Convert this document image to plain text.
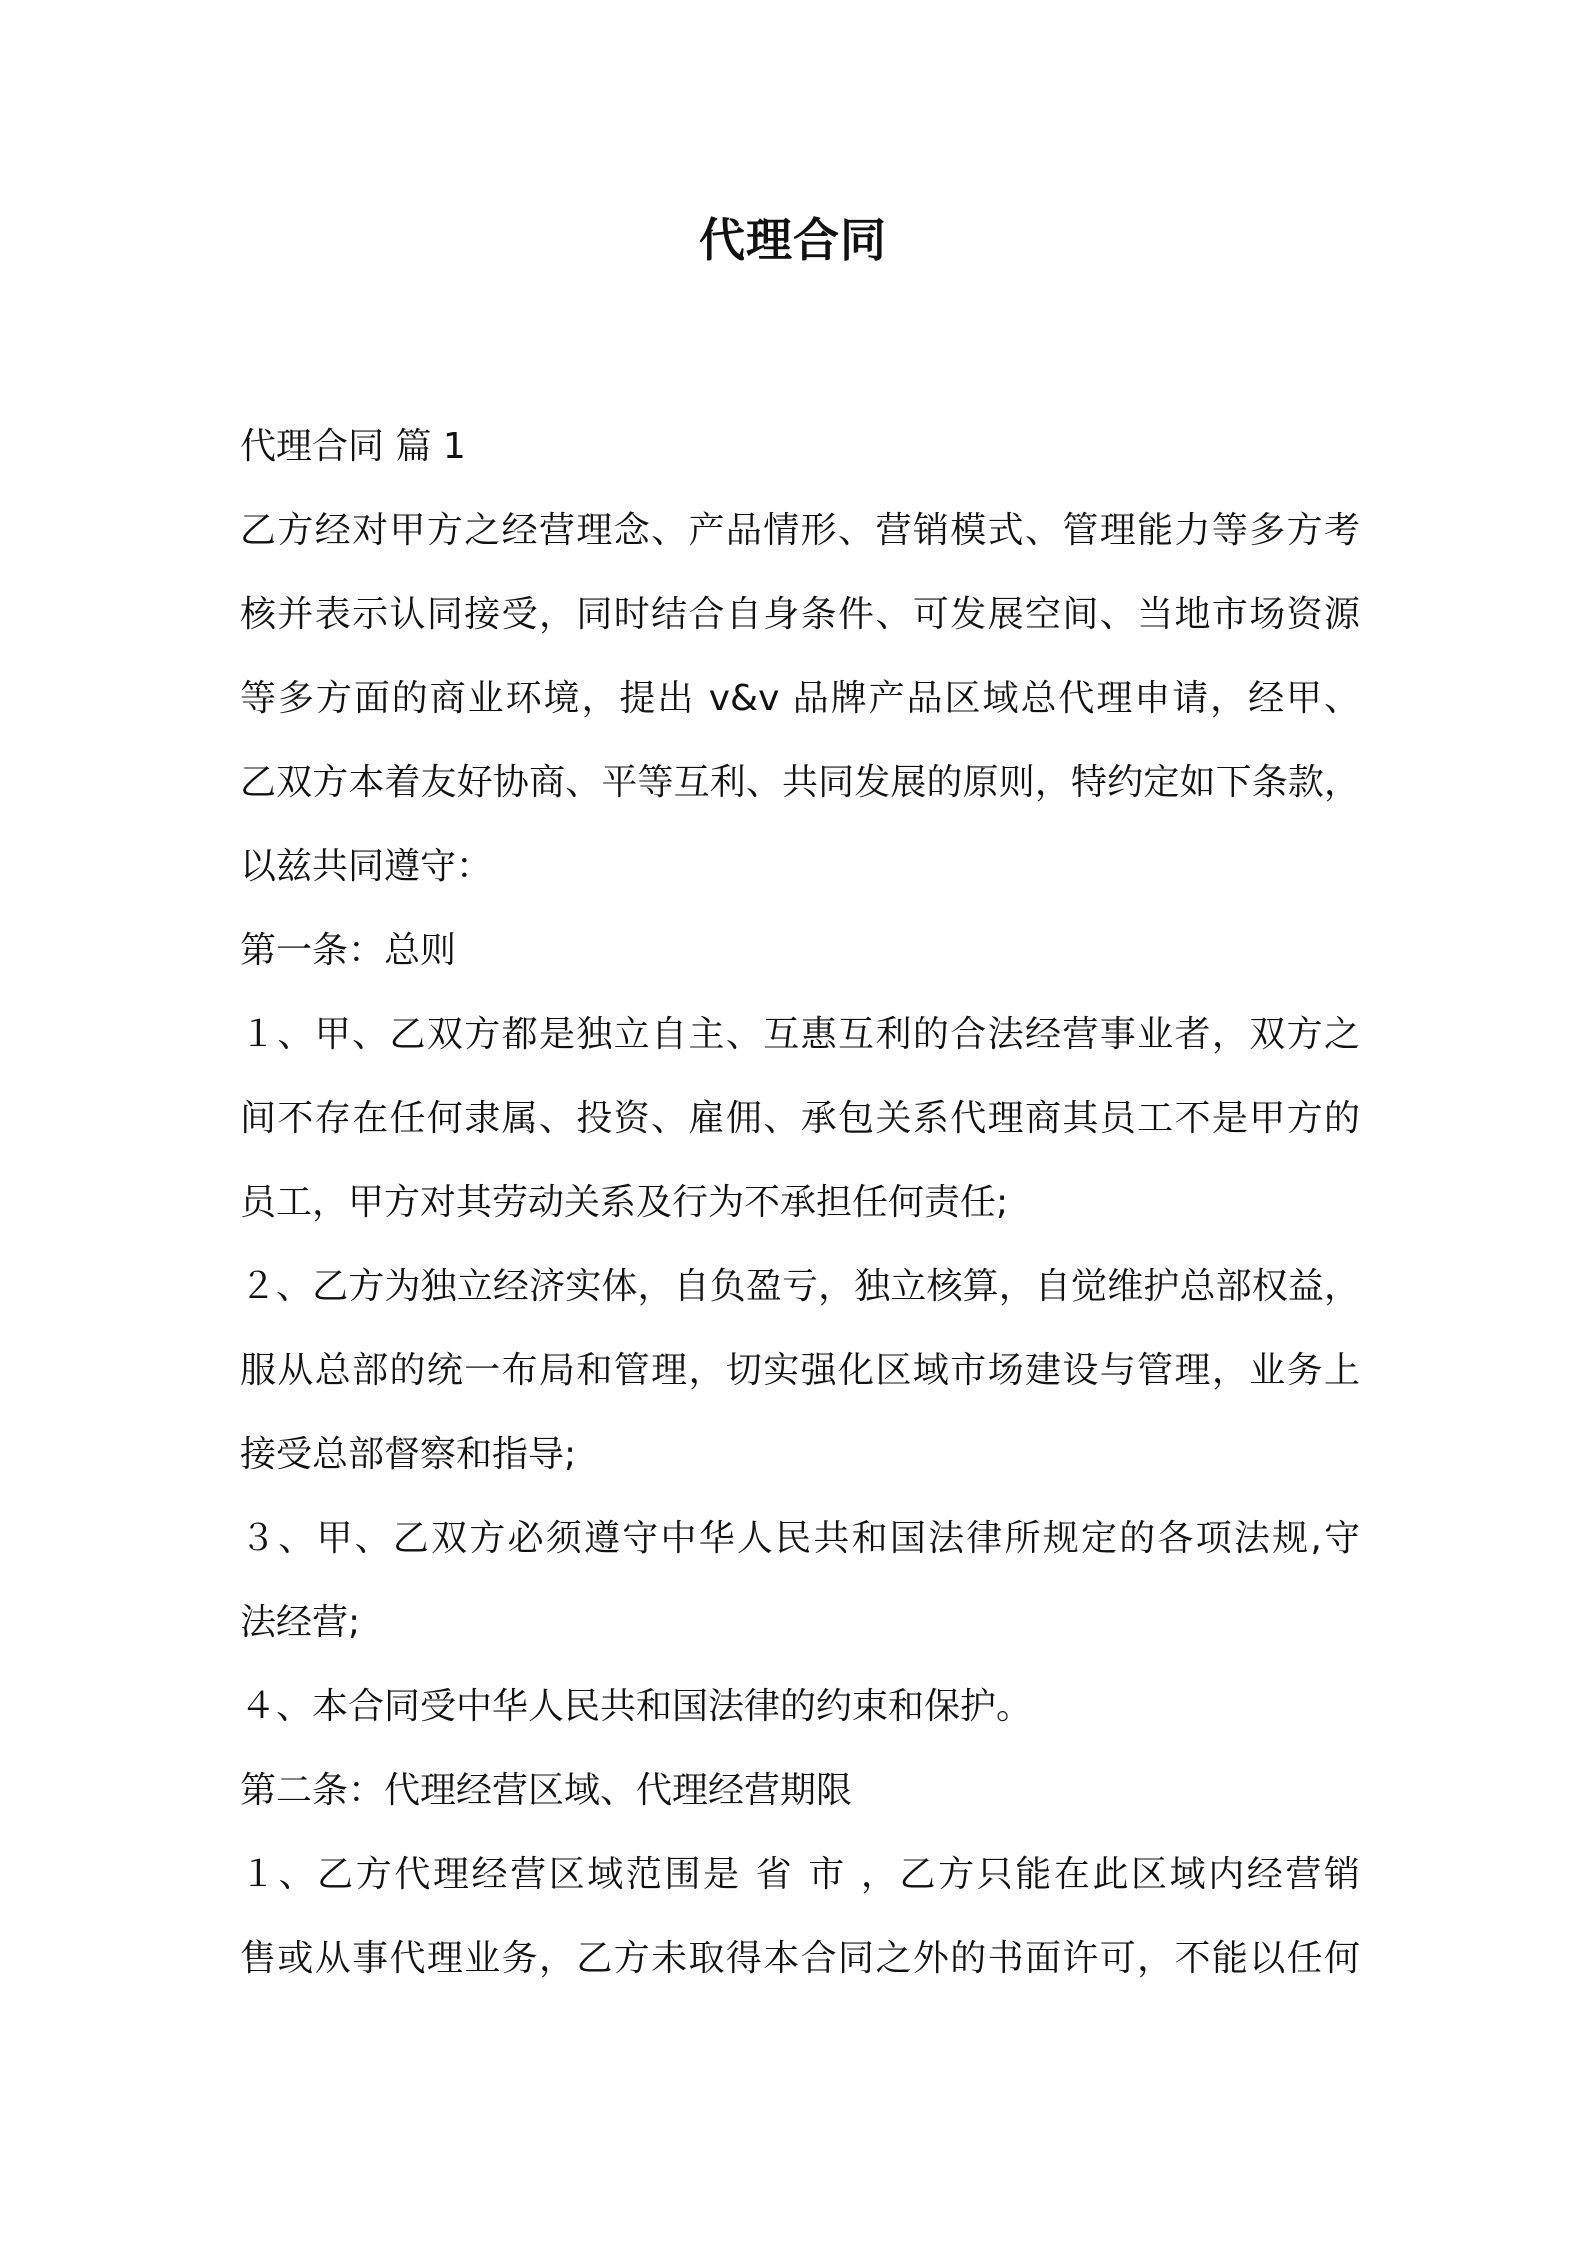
代理合同
代理合同 篇 1
乙方经对甲方之经营理念、产品情形、营销模式、管理能力等多方考
核并表示认同接受，同时结合自身条件、可发展空间、当地市场资源
等多方面的商业环境，提出 v&v 品牌产品区域总代理申请，经甲、
乙双方本着友好协商、平等互利、共同发展的原则，特约定如下条款，
以兹共同遵守：
第一条：总则
１、甲、乙双方都是独立自主、互惠互利的合法经营事业者，双方之
间不存在任何隶属、投资、雇佣、承包关系代理商其员工不是甲方的
员工，甲方对其劳动关系及行为不承担任何责任;
２、乙方为独立经济实体，自负盈亏，独立核算，自觉维护总部权益，
服从总部的统一布局和管理，切实强化区域市场建设与管理，业务上
接受总部督察和指导;
３、甲、乙双方必须遵守中华人民共和国法律所规定的各项法规,守
法经营;
４、本合同受中华人民共和国法律的约束和保护。
第二条：代理经营区域、代理经营期限
１、乙方代理经营区域范围是 省 市 ，乙方只能在此区域内经营销
售或从事代理业务，乙方未取得本合同之外的书面许可，不能以任何
